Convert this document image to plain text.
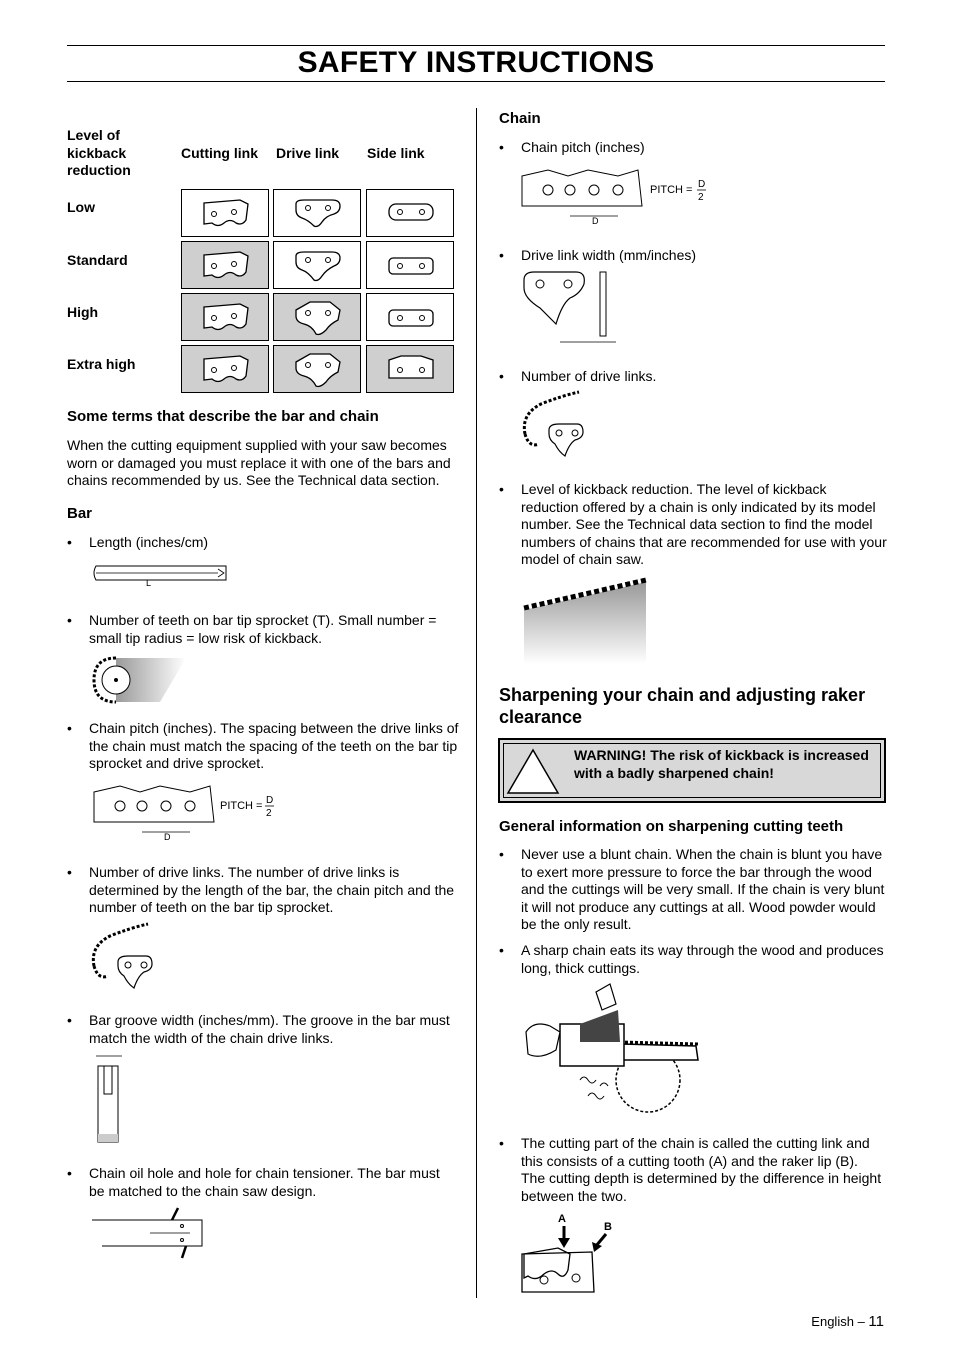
SAFETY INSTRUCTIONS
Level of
kickback
reduction
Cutting link Drive link Side link
Low
Standard
High
Extra high
Some terms that describe the bar and chain

When the cutting equipment supplied with your saw becomes worn or damaged you must replace it with one of the bars and chains recommended by us. See the Technical data section.

Bar
• Length (inches/cm)
L
• Number of teeth on bar tip sprocket (T). Small number = small tip radius = low risk of kickback.
• Chain pitch (inches). The spacing between the drive links of the chain must match the spacing of the teeth on the bar tip sprocket and drive sprocket.
D
PITCH = D
2
• Number of drive links. The number of drive links is determined by the length of the bar, the chain pitch and the number of teeth on the bar tip sprocket.
• Bar groove width (inches/mm). The groove in the bar must match the width of the chain drive links.
• Chain oil hole and hole for chain tensioner. The bar must be matched to the chain saw design.
Chain
• Chain pitch (inches)
D
PITCH = D
2
• Drive link width (mm/inches)
• Number of drive links.
• Level of kickback reduction. The level of kickback reduction offered by a chain is only indicated by its model number. See the Technical data section to find the model numbers of chains that are recommended for use with your model of chain saw.
Sharpening your chain and adjusting raker clearance
WARNING! The risk of kickback is increased with a badly sharpened chain!
General information on sharpening cutting teeth
• Never use a blunt chain. When the chain is blunt you have to exert more pressure to force the bar through the wood and the cuttings will be very small. If the chain is very blunt it will not produce any cuttings at all. Wood powder would be the only result.
• A sharp chain eats its way through the wood and produces long, thick cuttings.
• The cutting part of the chain is called the cutting link and this consists of a cutting tooth (A) and the raker lip (B). The cutting depth is determined by the difference in height between the two.
A
B
English – 11
